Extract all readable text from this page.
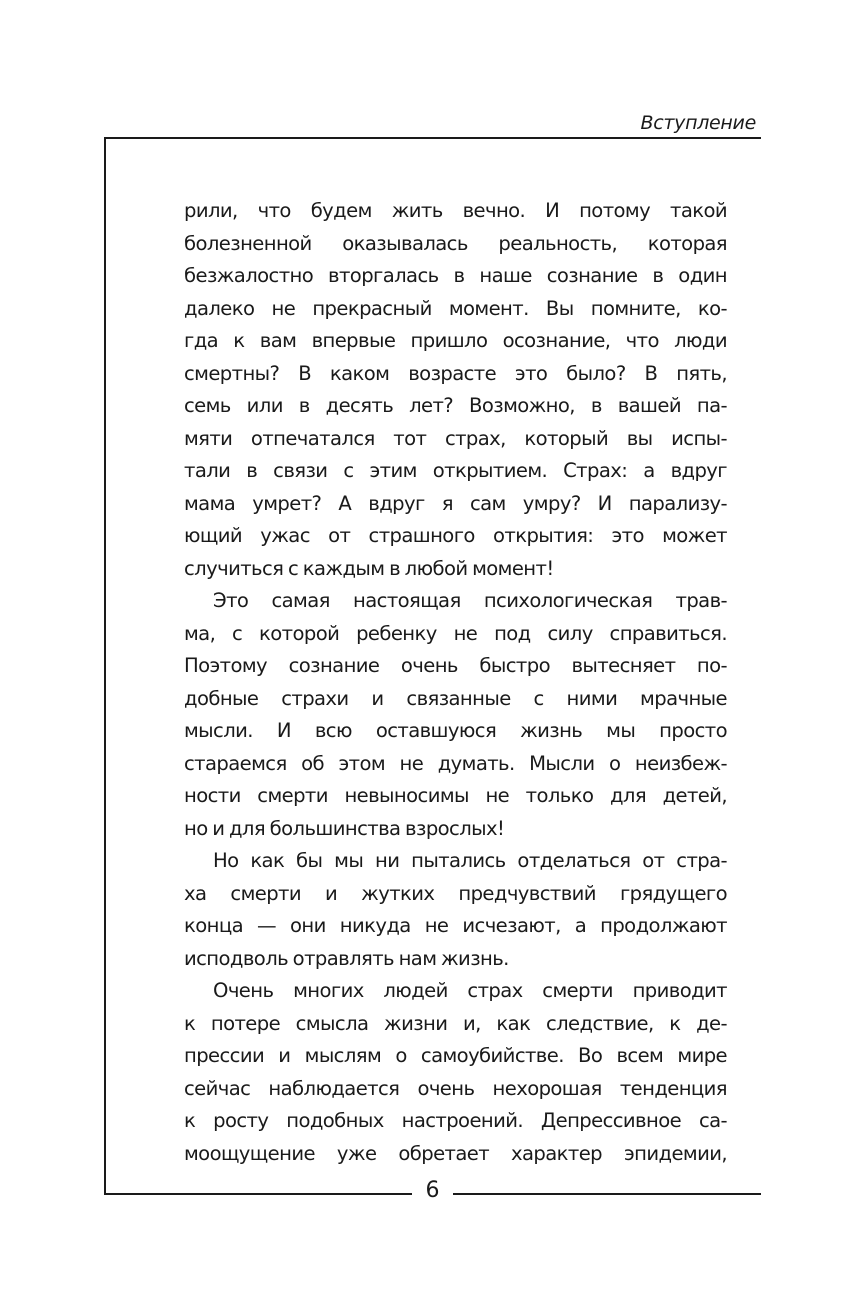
Вступление
рили, что будем жить вечно. И потому такой
болезненной оказывалась реальность, которая
безжалостно вторгалась в наше сознание в один
далеко не прекрасный момент. Вы помните, ко-
гда к вам впервые пришло осознание, что люди
смертны? В каком возрасте это было? В пять,
семь или в десять лет? Возможно, в вашей па-
мяти отпечатался тот страх, который вы испы-
тали в связи с этим открытием. Страх: а вдруг
мама умрет? А вдруг я сам умру? И парализу-
ющий ужас от страшного открытия: это может
случиться с каждым в любой момент!
Это самая настоящая психологическая трав-
ма, с которой ребенку не под силу справиться.
Поэтому сознание очень быстро вытесняет по-
добные страхи и связанные с ними мрачные
мысли. И всю оставшуюся жизнь мы просто
стараемся об этом не думать. Мысли о неизбеж-
ности смерти невыносимы не только для детей,
но и для большинства взрослых!
Но как бы мы ни пытались отделаться от стра-
ха смерти и жутких предчувствий грядущего
конца — они никуда не исчезают, а продолжают
исподволь отравлять нам жизнь.
Очень многих людей страх смерти приводит
к потере смысла жизни и, как следствие, к де-
прессии и мыслям о самоубийстве. Во всем мире
сейчас наблюдается очень нехорошая тенденция
к росту подобных настроений. Депрессивное са-
моощущение уже обретает характер эпидемии,
6
